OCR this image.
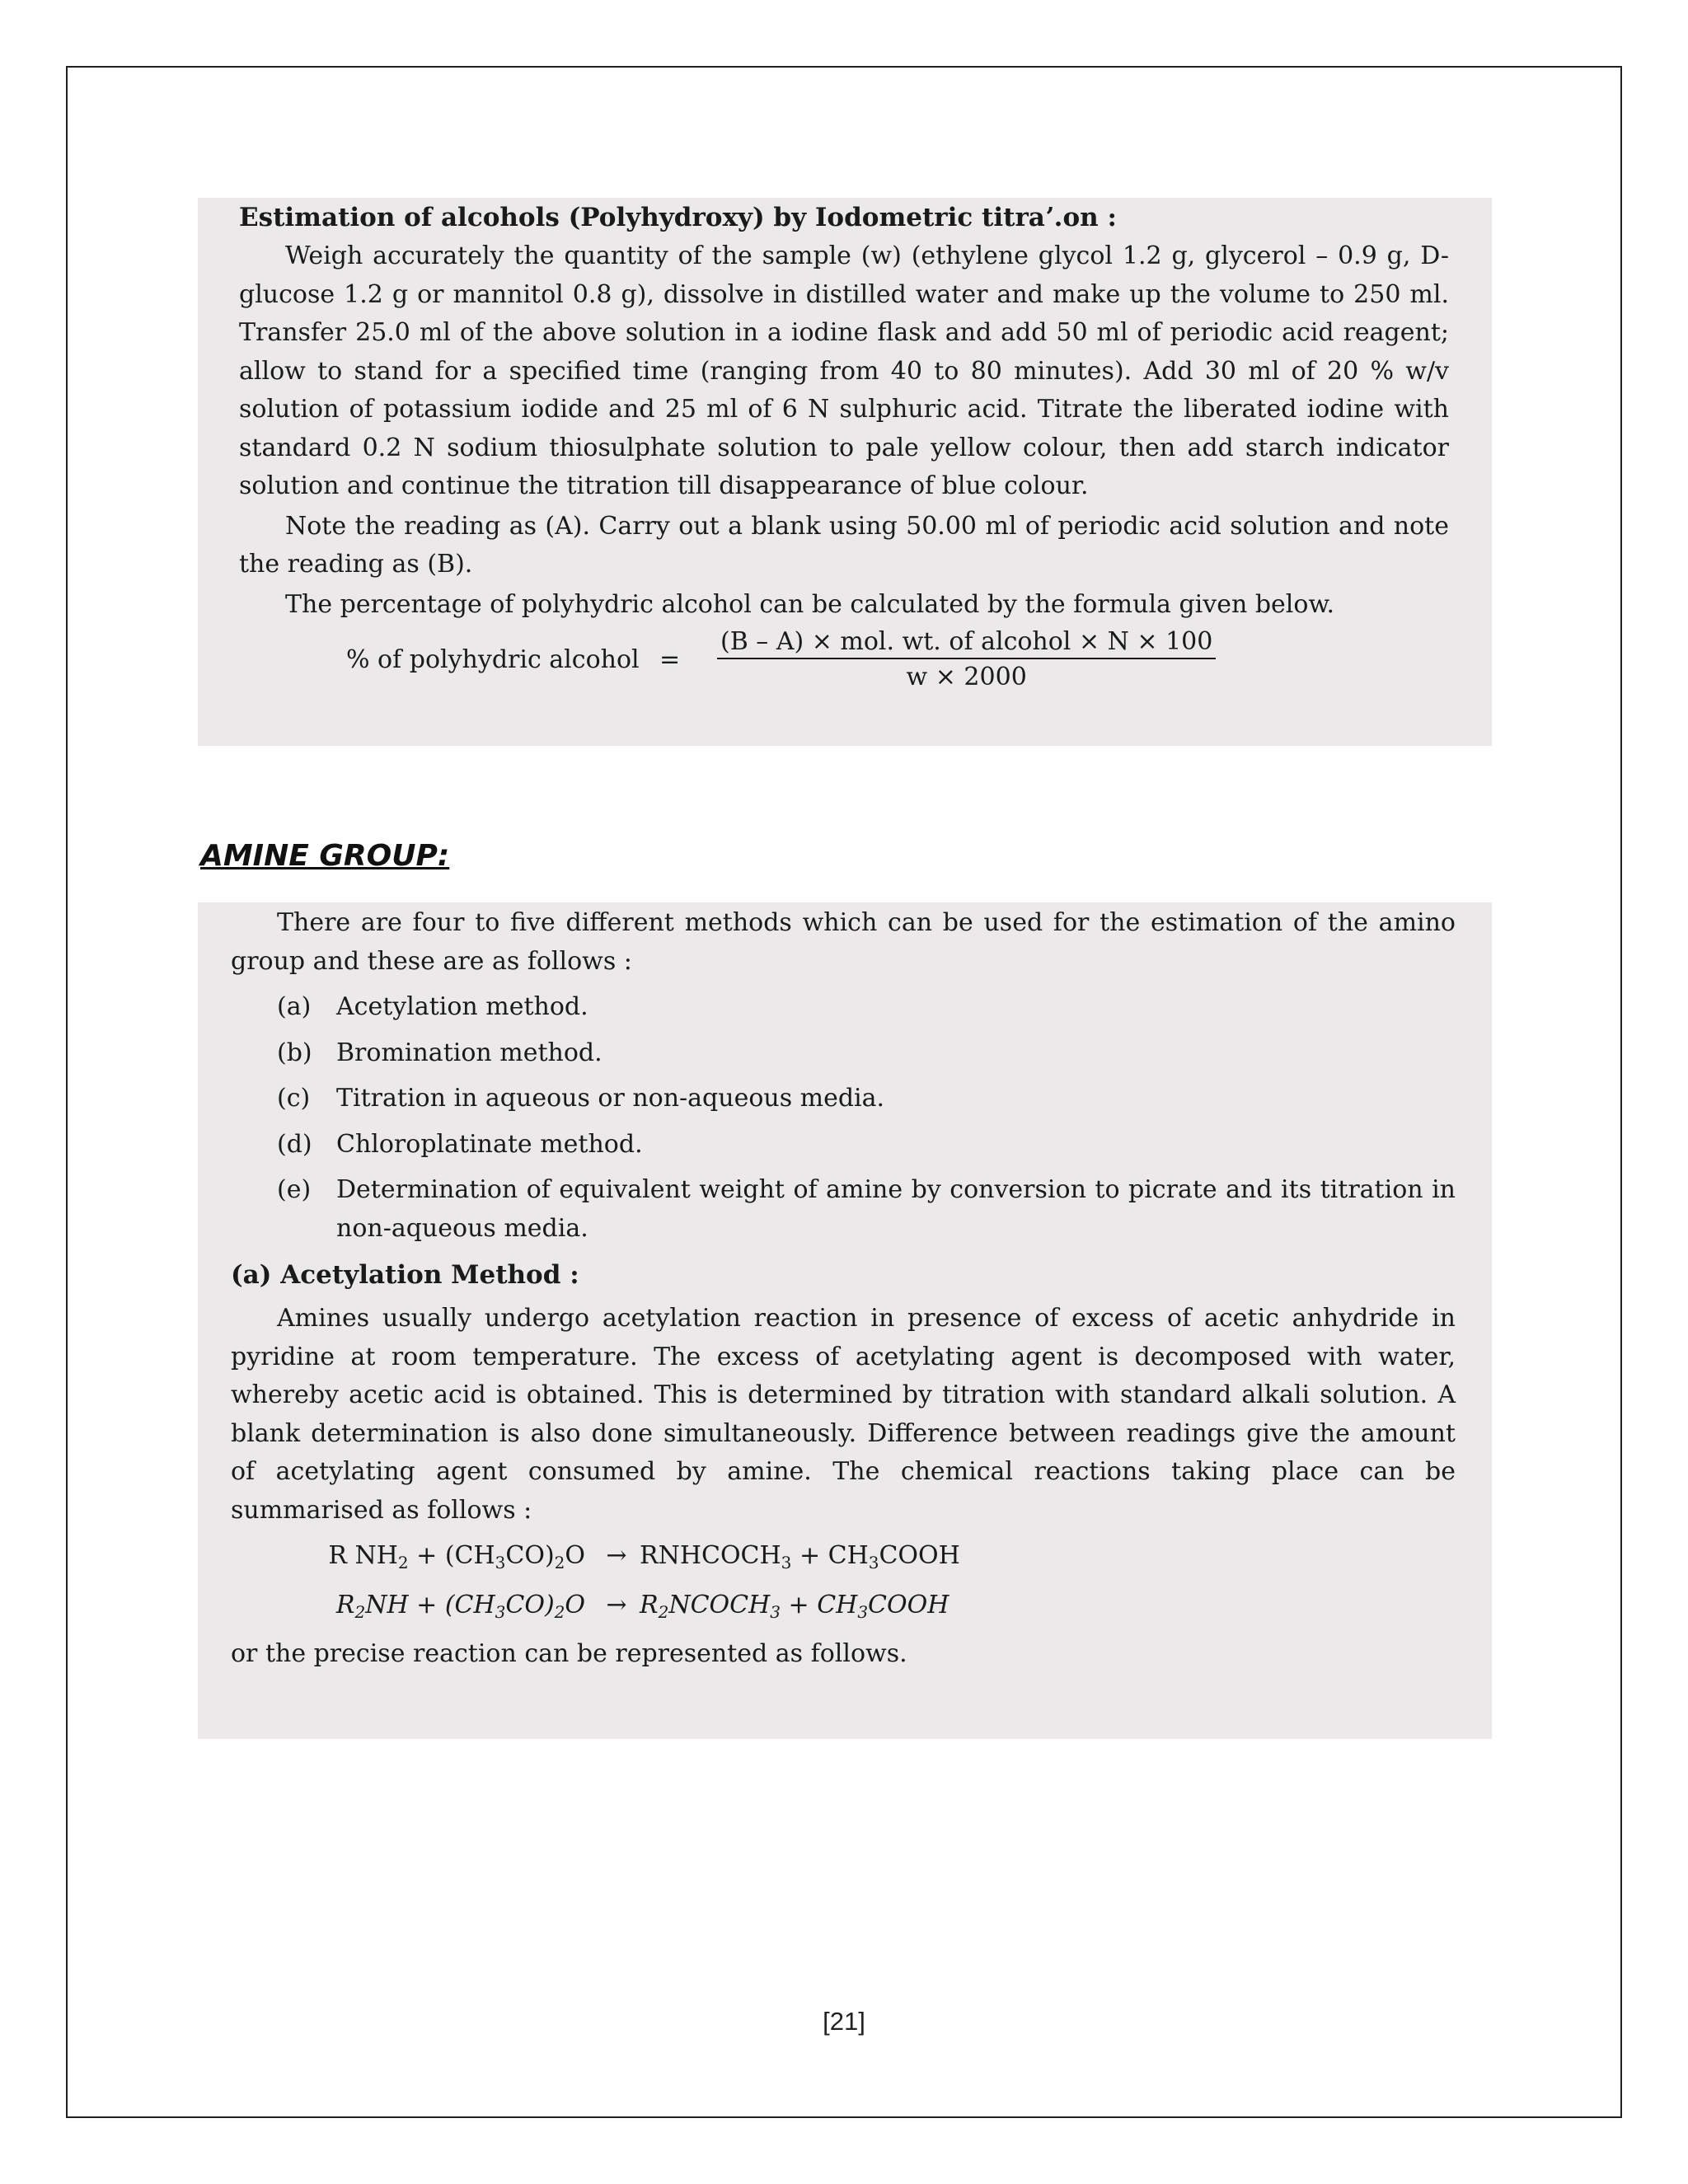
Estimation of alcohols (Polyhydroxy) by Iodometric titraʼ.on :

Weigh accurately the quantity of the sample (w) (ethylene glycol 1.2 g, glycerol – 0.9 g, D-glucose 1.2 g or mannitol 0.8 g), dissolve in distilled water and make up the volume to 250 ml. Transfer 25.0 ml of the above solution in a iodine flask and add 50 ml of periodic acid reagent; allow to stand for a specified time (ranging from 40 to 80 minutes). Add 30 ml of 20 % w/v solution of potassium iodide and 25 ml of 6 N sulphuric acid. Titrate the liberated iodine with standard 0.2 N sodium thiosulphate solution to pale yellow colour, then add starch indicator solution and continue the titration till disappearance of blue colour.

Note the reading as (A). Carry out a blank using 50.00 ml of periodic acid solution and note the reading as (B).

The percentage of polyhydric alcohol can be calculated by the formula given below.

% of polyhydric alcohol =	$\frac{\text{(B – A) × mol. wt. of alcohol × N × 100}}{w \times 2000}$
AMINE GROUP:

There are four to five different methods which can be used for the estimation of the amino group and these are as follows :

(a)	Acetylation method.
(b) Bromination method.
(c)	Titration in aqueous or non-aqueous media.
(d) Chloroplatinate method.
(e)	Determination of equivalent weight of amine by conversion to picrate and its titration in non-aqueous media.

(a) Acetylation Method :

Amines usually undergo acetylation reaction in presence of excess of acetic anhydride in pyridine at room temperature. The excess of acetylating agent is decomposed with water, whereby acetic acid is obtained. This is determined by titration with standard alkali solution. A blank determination is also done simultaneously. Difference between readings give the amount of acetylating agent consumed by amine. The chemical reactions taking place can be summarised as follows :

R $NH_2 + (CH_3CO)_2O$ → $RNHCOCH_3$ + $CH_3COOH$
$R_2NH + (CH_3CO)_2O$ → $R_2NCOCH_3$ + $CH_3COOH$

or the precise reaction can be represented as follows.

[21]
